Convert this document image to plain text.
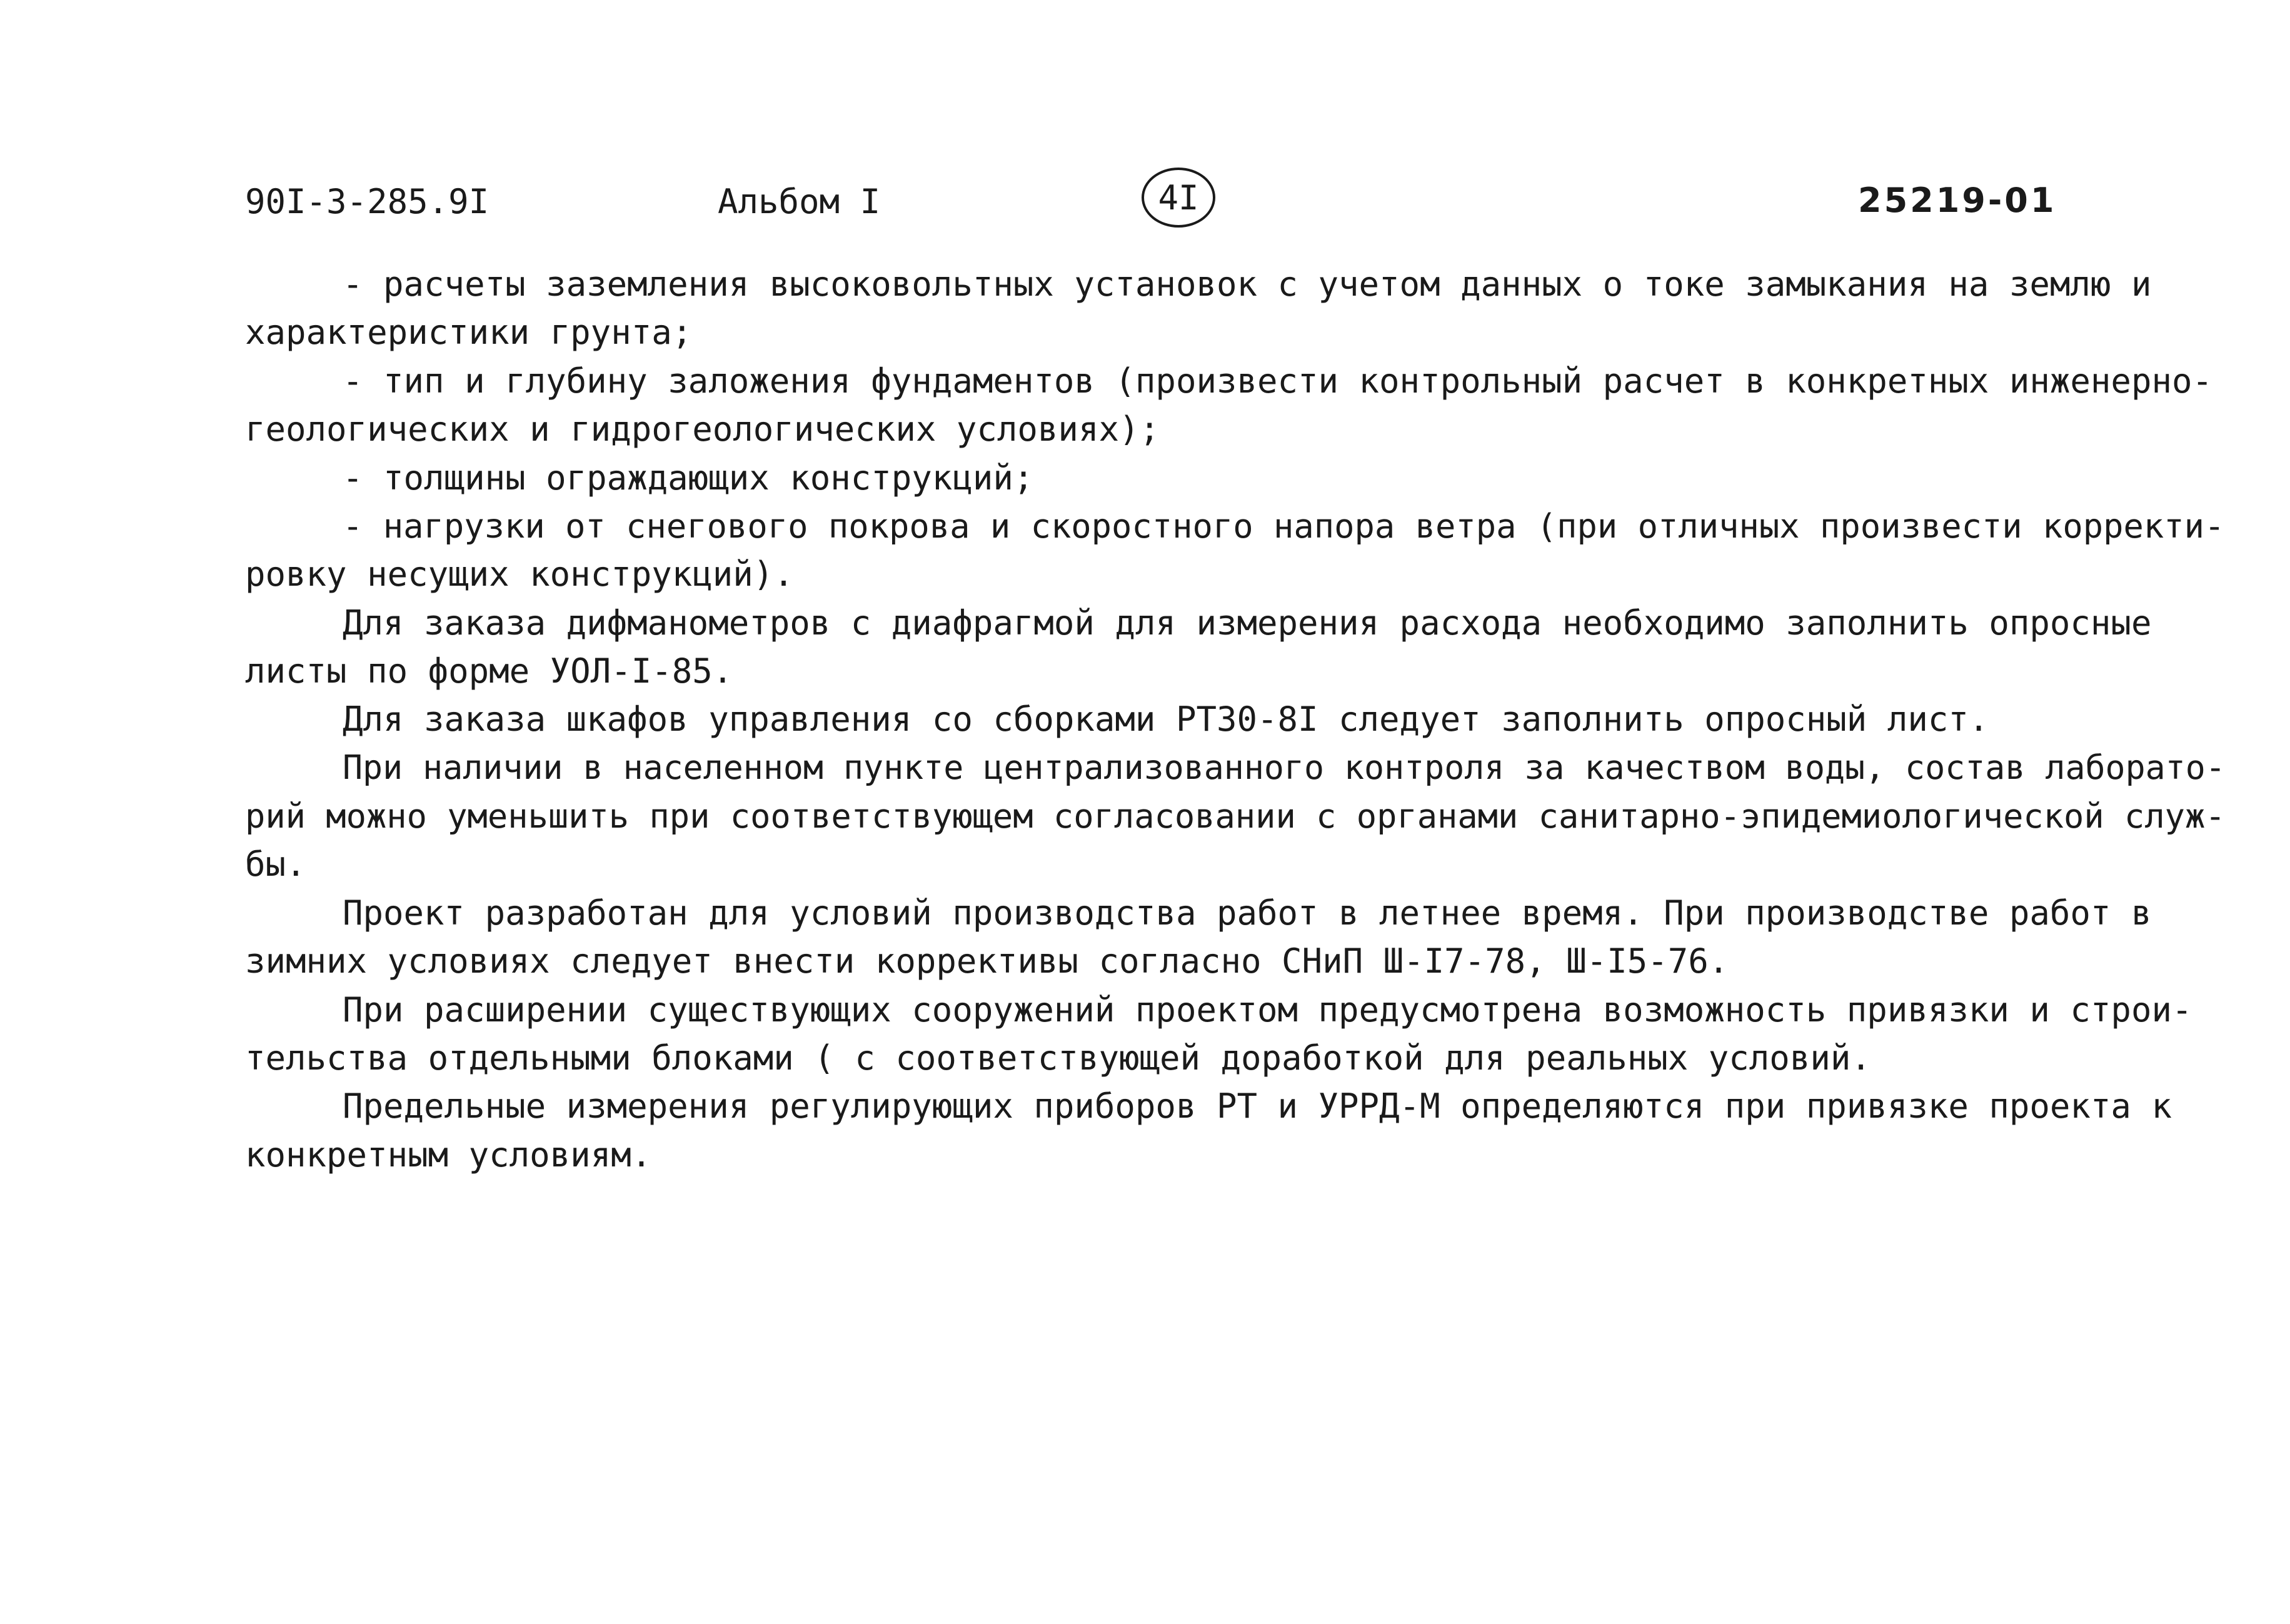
90I-3-285.9I	Альбом I	4I	25219-01
- расчеты заземления высоковольтных установок с учетом данных о токе замыкания на землю и
характеристики грунта;
- тип и глубину заложения фундаментов (произвести контрольный расчет в конкретных инженерно-
геологических и гидрогеологических условиях);
- толщины ограждающих конструкций;
- нагрузки от снегового покрова и скоростного напора ветра (при отличных произвести корректи-
ровку несущих конструкций).
Для заказа дифманометров с диафрагмой для измерения расхода необходимо заполнить опросные
листы по форме УОЛ-I-85.
Для заказа шкафов управления со сборками РТ30-8I следует заполнить опросный лист.
При наличии в населенном пункте централизованного контроля за качеством воды, состав лаборато-
рий можно уменьшить при соответствующем согласовании с органами санитарно-эпидемиологической служ-
бы.
Проект разработан для условий производства работ в летнее время. При производстве работ в
зимних условиях следует внести коррективы согласно СНиП Ш-I7-78, Ш-I5-76.
При расширении существующих сооружений проектом предусмотрена возможность привязки и строи-
тельства отдельными блоками ( с соответствующей доработкой для реальных условий.
Предельные измерения регулирующих приборов РТ и УРРД-М определяются при привязке проекта к
конкретным условиям.
